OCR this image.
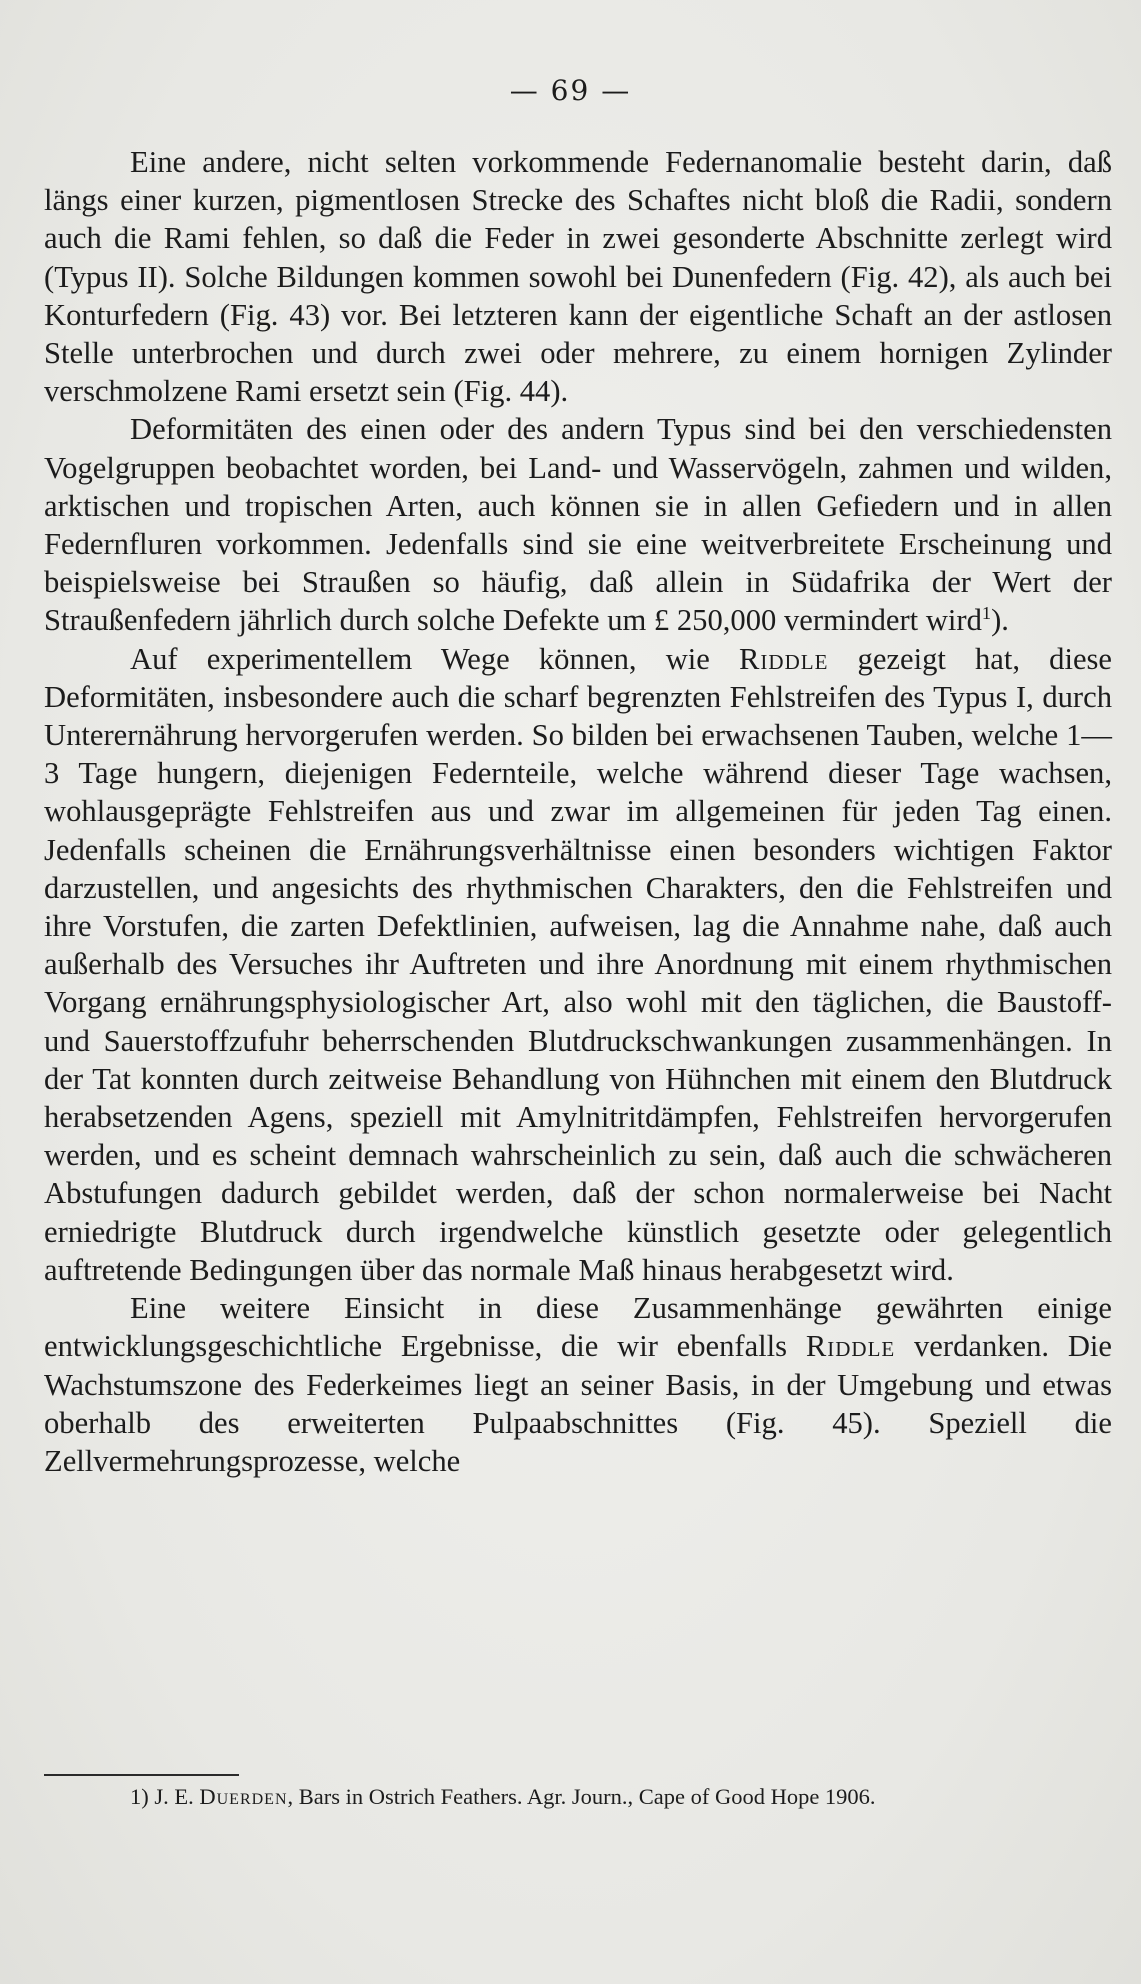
— 69 —

Eine andere, nicht selten vorkommende Federnanomalie besteht darin, daß längs einer kurzen, pigmentlosen Strecke des Schaftes nicht bloß die Radii, sondern auch die Rami fehlen, so daß die Feder in zwei gesonderte Abschnitte zerlegt wird (Typus II). Solche Bildungen kommen sowohl bei Dunenfedern (Fig. 42), als auch bei Konturfedern (Fig. 43) vor. Bei letzteren kann der eigentliche Schaft an der astlosen Stelle unterbrochen und durch zwei oder mehrere, zu einem hornigen Zylinder verschmolzene Rami ersetzt sein (Fig. 44).

Deformitäten des einen oder des andern Typus sind bei den verschiedensten Vogelgruppen beobachtet worden, bei Land- und Wasservögeln, zahmen und wilden, arktischen und tropischen Arten, auch können sie in allen Gefiedern und in allen Federnfluren vorkommen. Jedenfalls sind sie eine weitverbreitete Erscheinung und beispielsweise bei Straußen so häufig, daß allein in Südafrika der Wert der Straußenfedern jährlich durch solche Defekte um £ 250,000 vermindert wird$^1$).

Auf experimentellem Wege können, wie Riddle gezeigt hat, diese Deformitäten, insbesondere auch die scharf begrenzten Fehlstreifen des Typus I, durch Unterernährung hervorgerufen werden. So bilden bei erwachsenen Tauben, welche 1—3 Tage hungern, diejenigen Federnteile, welche während dieser Tage wachsen, wohlausgeprägte Fehlstreifen aus und zwar im allgemeinen für jeden Tag einen. Jedenfalls scheinen die Ernährungsverhältnisse einen besonders wichtigen Faktor darzustellen, und angesichts des rhythmischen Charakters, den die Fehlstreifen und ihre Vorstufen, die zarten Defektlinien, aufweisen, lag die Annahme nahe, daß auch außerhalb des Versuches ihr Auftreten und ihre Anordnung mit einem rhythmischen Vorgang ernährungsphysiologischer Art, also wohl mit den täglichen, die Baustoff- und Sauerstoffzufuhr beherrschenden Blutdruckschwankungen zusammenhängen. In der Tat konnten durch zeitweise Behandlung von Hühnchen mit einem den Blutdruck herabsetzenden Agens, speziell mit Amylnitritdämpfen, Fehlstreifen hervorgerufen werden, und es scheint demnach wahrscheinlich zu sein, daß auch die schwächeren Abstufungen dadurch gebildet werden, daß der schon normalerweise bei Nacht erniedrigte Blutdruck durch irgendwelche künstlich gesetzte oder gelegentlich auftretende Bedingungen über das normale Maß hinaus herabgesetzt wird.

Eine weitere Einsicht in diese Zusammenhänge gewährten einige entwicklungsgeschichtliche Ergebnisse, die wir ebenfalls Riddle verdanken. Die Wachstumszone des Federkeimes liegt an seiner Basis, in der Umgebung und etwas oberhalb des erweiterten Pulpaabschnittes (Fig. 45). Speziell die Zellvermehrungsprozesse, welche

1) J. E. Duerden, Bars in Ostrich Feathers. Agr. Journ., Cape of Good Hope 1906.
